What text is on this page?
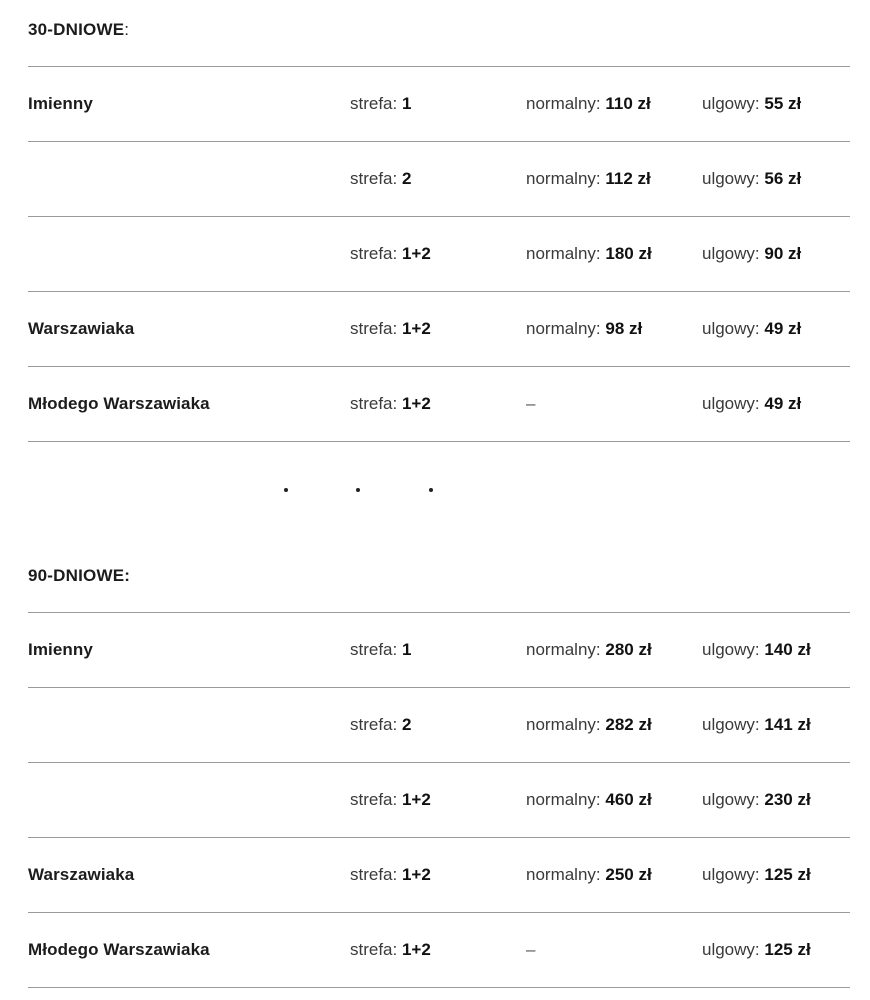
30-DNIOWE:
Imienny	strefa: 1	normalny: 110 zł	ulgowy: 55 zł
strefa: 2	normalny: 112 zł	ulgowy: 56 zł
strefa: 1+2	normalny: 180 zł	ulgowy: 90 zł
Warszawiaka	strefa: 1+2	normalny: 98 zł	ulgowy: 49 zł
Młodego Warszawiaka	strefa: 1+2	–	ulgowy: 49 zł
90-DNIOWE:
Imienny	strefa: 1	normalny: 280 zł	ulgowy: 140 zł
strefa: 2	normalny: 282 zł	ulgowy: 141 zł
strefa: 1+2	normalny: 460 zł	ulgowy: 230 zł
Warszawiaka	strefa: 1+2	normalny: 250 zł	ulgowy: 125 zł
Młodego Warszawiaka	strefa: 1+2	–	ulgowy: 125 zł
